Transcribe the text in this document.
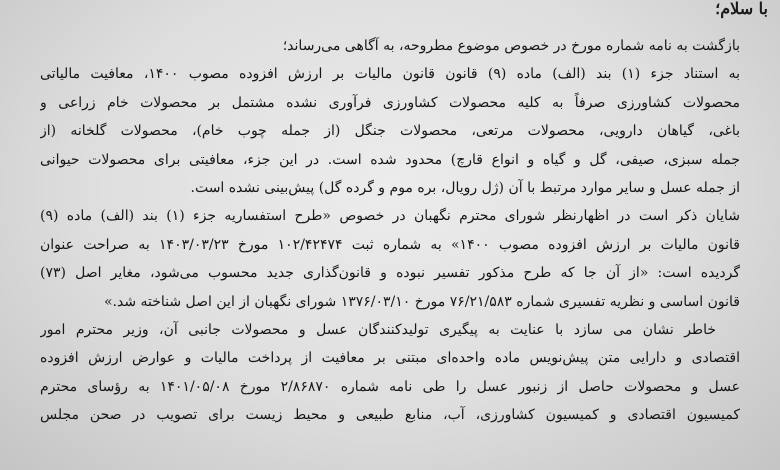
با سلام؛
بازگشت به نامه شماره مورخ در خصوص موضوع مطروحه، به آگاهی می‌رساند؛
به استناد جزء (۱) بند (الف) ماده (۹) قانون قانون مالیات بر ارزش افزوده مصوب ۱۴۰۰، معافیت مالیاتی
محصولات کشاورزی صرفاً به کلیه محصولات کشاورزی فرآوری نشده مشتمل بر محصولات خام زراعی و
باغی، گیاهان دارویی، محصولات مرتعی، محصولات جنگل (از جمله چوب خام)، محصولات گلخانه (از
جمله سبزی، صیفی، گل و گیاه و انواع قارچ) محدود شده است. در این جزء، معافیتی برای محصولات حیوانی
از جمله عسل و سایر موارد مرتبط با آن (ژل رویال، بره موم و گرده گل) پیش‌بینی نشده است.
شایان ذکر است در اظهارنظر شورای محترم نگهبان در خصوص «طرح استفساریه جزء (۱) بند (الف) ماده (۹)
قانون مالیات بر ارزش افزوده مصوب ۱۴۰۰» به شماره ثبت ۱۰۲/۴۲۴۷۴ مورخ ۱۴۰۳/۰۳/۲۳ به صراحت عنوان
گردیده است: «از آن جا که طرح مذکور تفسیر نبوده و قانون‌گذاری جدید محسوب می‌شود، مغایر اصل (۷۳)
قانون اساسی و نظریه تفسیری شماره ۷۶/۲۱/۵۸۳ مورخ ۱۳۷۶/۰۳/۱۰ شورای نگهبان از این اصل شناخته شد.»
خاطر نشان می سازد با عنایت به پیگیری تولیدکنندگان عسل و محصولات جانبی آن، وزیر محترم امور
اقتصادی و دارایی متن پیش‌نویس ماده واحده‌ای مبتنی بر معافیت از پرداخت مالیات و عوارض ارزش افزوده
عسل و محصولات حاصل از زنبور عسل را طی نامه شماره ۲/۸۶۸۷۰ مورخ ۱۴۰۱/۰۵/۰۸ به رؤسای محترم
کمیسیون اقتصادی و کمیسیون کشاورزی، آب، منابع طبیعی و محیط زیست برای تصویب در صحن مجلس
